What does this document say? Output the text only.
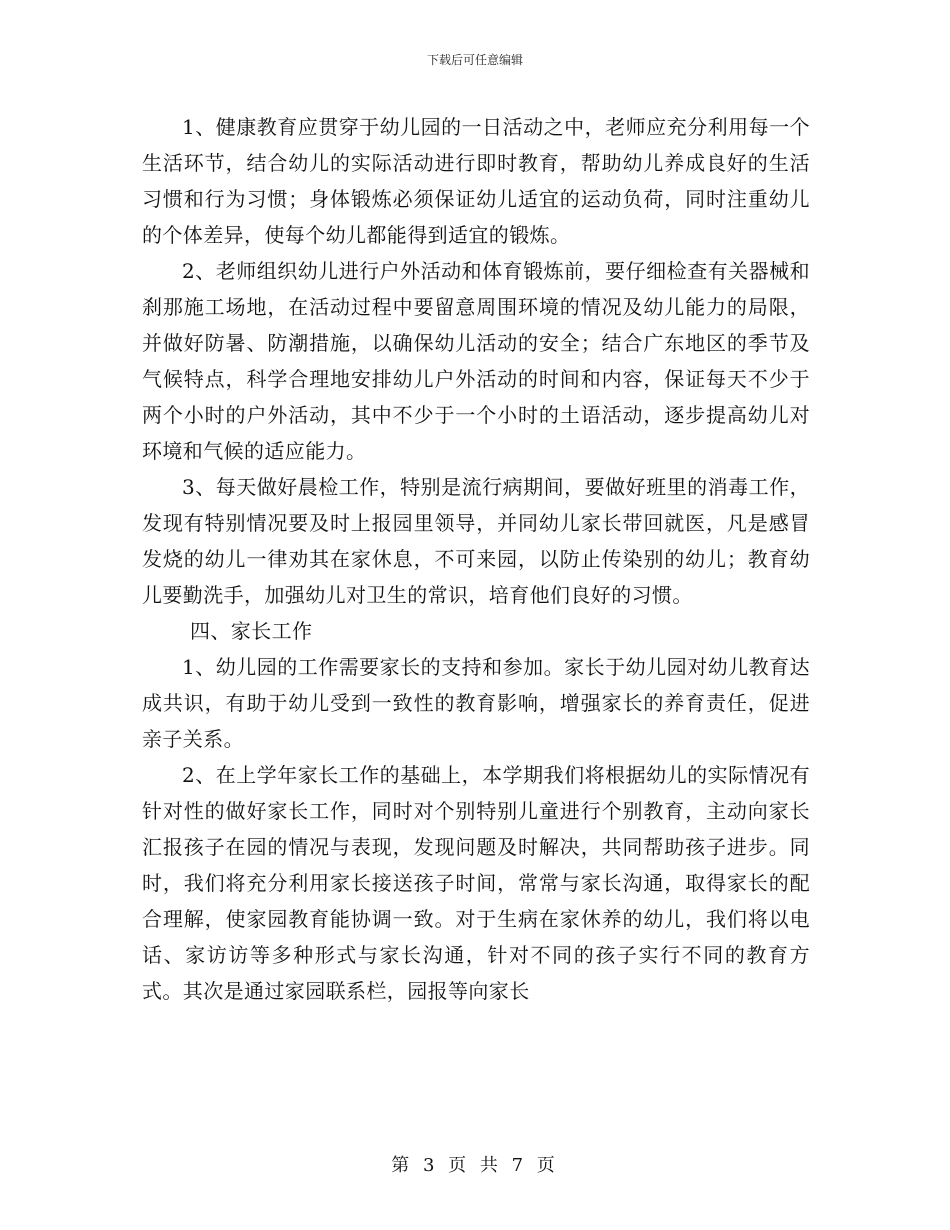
下载后可任意编辑

1、健康教育应贯穿于幼儿园的一日活动之中，老师应充分利用每一个生活环节，结合幼儿的实际活动进行即时教育，帮助幼儿养成良好的生活习惯和行为习惯；身体锻炼必须保证幼儿适宜的运动负荷，同时注重幼儿的个体差异，使每个幼儿都能得到适宜的锻炼。

2、老师组织幼儿进行户外活动和体育锻炼前，要仔细检查有关器械和刹那施工场地，在活动过程中要留意周围环境的情况及幼儿能力的局限，并做好防暑、防潮措施，以确保幼儿活动的安全；结合广东地区的季节及气候特点，科学合理地安排幼儿户外活动的时间和内容，保证每天不少于两个小时的户外活动，其中不少于一个小时的土语活动，逐步提高幼儿对环境和气候的适应能力。

3、每天做好晨检工作，特别是流行病期间，要做好班里的消毒工作，发现有特别情况要及时上报园里领导，并同幼儿家长带回就医，凡是感冒发烧的幼儿一律劝其在家休息，不可来园，以防止传染别的幼儿；教育幼儿要勤洗手，加强幼儿对卫生的常识，培育他们良好的习惯。

四、家长工作

1、幼儿园的工作需要家长的支持和参加。家长于幼儿园对幼儿教育达成共识，有助于幼儿受到一致性的教育影响，增强家长的养育责任，促进亲子关系。

2、在上学年家长工作的基础上，本学期我们将根据幼儿的实际情况有针对性的做好家长工作，同时对个别特别儿童进行个别教育，主动向家长汇报孩子在园的情况与表现，发现问题及时解决，共同帮助孩子进步。同时，我们将充分利用家长接送孩子时间，常常与家长沟通，取得家长的配合理解，使家园教育能协调一致。对于生病在家休养的幼儿，我们将以电话、家访访等多种形式与家长沟通，针对不同的孩子实行不同的教育方式。其次是通过家园联系栏，园报等向家长

第 3 页 共 7 页
